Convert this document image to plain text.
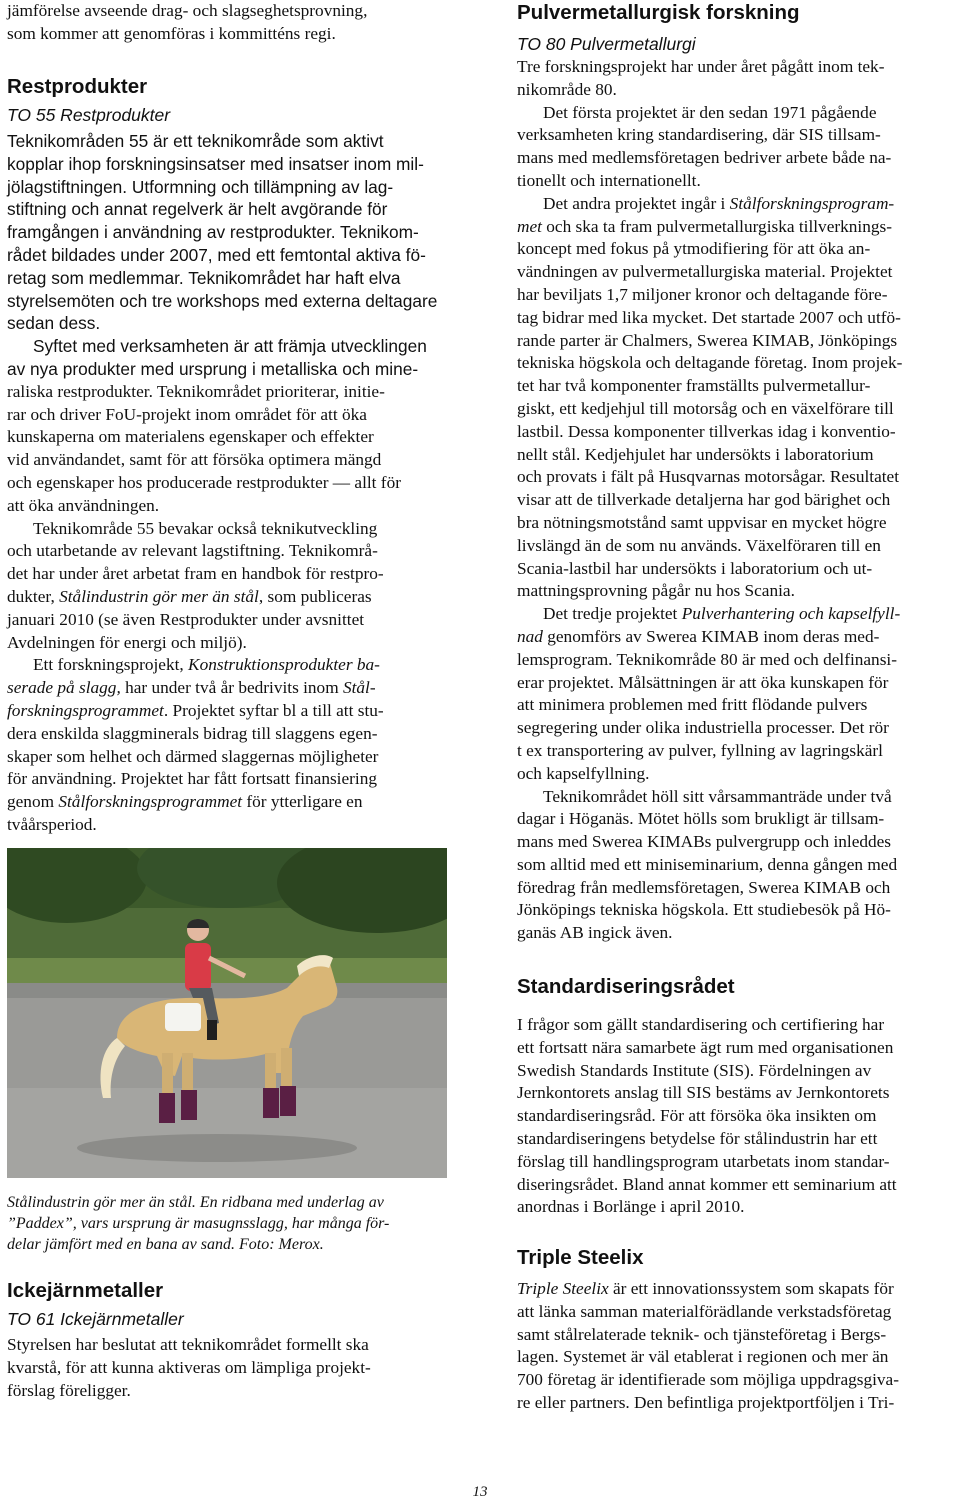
jämförelse avseende drag- och slagseghetsprovning,

som kommer att genomföras i kommitténs regi.

Restprodukter
TO 55 Restprodukter

Teknikområden 55 är ett teknikområde som aktivt

kopplar ihop forskningsinsatser med insatser inom mil-

jölagstiftningen. Utformning och tillämpning av lag-

stiftning och annat regelverk är helt avgörande för

framgången i användning av restprodukter. Teknikom-

rådet bildades under 2007, med ett femtontal aktiva fö-

retag som medlemmar. Teknikområdet har haft elva

styrelsemöten och tre workshops med externa deltagare

sedan dess.

Syftet med verksamheten är att främja utvecklingen

av nya produkter med ursprung i metalliska och mine-

raliska restprodukter. Teknikområdet prioriterar, initie-

rar och driver FoU-projekt inom området för att öka

kunskaperna om materialens egenskaper och effekter

vid användandet, samt för att försöka optimera mängd

och egenskaper hos producerade restprodukter — allt för

att öka användningen.

Teknikområde 55 bevakar också teknikutveckling

och utarbetande av relevant lagstiftning. Teknikområ-

det har under året arbetat fram en handbok för restpro-

dukter, Stålindustrin gör mer än stål, som publiceras

januari 2010 (se även Restprodukter under avsnittet

Avdelningen för energi och miljö).

Ett forskningsprojekt, Konstruktionsprodukter ba-

serade på slagg, har under två år bedrivits inom Stål-

forskningsprogrammet. Projektet syftar bl a till att stu-

dera enskilda slaggminerals bidrag till slaggens egen-

skaper som helhet och därmed slaggernas möjligheter

för användning. Projektet har fått fortsatt finansiering

genom Stålforskningsprogrammet för ytterligare en

tvåårsperiod.

Stålindustrin gör mer än stål. En ridbana med underlag av
”Paddex”, vars ursprung är masugnsslagg, har många för-
delar jämfört med en bana av sand. Foto: Merox.
Ickejärnmetaller
TO 61 Ickejärnmetaller

Styrelsen har beslutat att teknikområdet formellt ska

kvarstå, för att kunna aktiveras om lämpliga projekt-

förslag föreligger.

Pulvermetallurgisk forskning
TO 80 Pulvermetallurgi

Tre forskningsprojekt har under året pågått inom tek-

nikområde 80.

Det första projektet är den sedan 1971 pågående

verksamheten kring standardisering, där SIS tillsam-

mans med medlemsföretagen bedriver arbete både na-

tionellt och internationellt.

Det andra projektet ingår i Stålforskningsprogram-

met och ska ta fram pulvermetallurgiska tillverknings-

koncept med fokus på ytmodifiering för att öka an-

vändningen av pulvermetallurgiska material. Projektet

har beviljats 1,7 miljoner kronor och deltagande före-

tag bidrar med lika mycket. Det startade 2007 och utfö-

rande parter är Chalmers, Swerea KIMAB, Jönköpings

tekniska högskola och deltagande företag. Inom projek-

tet har två komponenter framställts pulvermetallur-

giskt, ett kedjehjul till motorsåg och en växelförare till

lastbil. Dessa komponenter tillverkas idag i konventio-

nellt stål. Kedjehjulet har undersökts i laboratorium

och provats i fält på Husqvarnas motorsågar. Resultatet

visar att de tillverkade detaljerna har god bärighet och

bra nötningsmotstånd samt uppvisar en mycket högre

livslängd än de som nu används. Växelföraren till en

Scania-lastbil har undersökts i laboratorium och ut-

mattningsprovning pågår nu hos Scania.

Det tredje projektet Pulverhantering och kapselfyll-

nad genomförs av Swerea KIMAB inom deras med-

lemsprogram. Teknikområde 80 är med och delfinansi-

erar projektet. Målsättningen är att öka kunskapen för

att minimera problemen med fritt flödande pulvers

segregering under olika industriella processer. Det rör

t ex transportering av pulver, fyllning av lagringskärl

och kapselfyllning.

Teknikområdet höll sitt vårsammanträde under två

dagar i Höganäs. Mötet hölls som brukligt är tillsam-

mans med Swerea KIMABs pulvergrupp och inleddes

som alltid med ett miniseminarium, denna gången med

föredrag från medlemsföretagen, Swerea KIMAB och

Jönköpings tekniska högskola. Ett studiebesök på Hö-

ganäs AB ingick även.

Standardiseringsrådet

I frågor som gällt standardisering och certifiering har

ett fortsatt nära samarbete ägt rum med organisationen

Swedish Standards Institute (SIS). Fördelningen av

Jernkontorets anslag till SIS bestäms av Jernkontorets

standardiseringsråd. För att försöka öka insikten om

standardiseringens betydelse för stålindustrin har ett

förslag till handlingsprogram utarbetats inom standar-

diseringsrådet. Bland annat kommer ett seminarium att

anordnas i Borlänge i april 2010.

Triple Steelix

Triple Steelix är ett innovationssystem som skapats för

att länka samman materialförädlande verkstadsföretag

samt stålrelaterade teknik- och tjänsteföretag i Bergs-

lagen. Systemet är väl etablerat i regionen och mer än

700 företag är identifierade som möjliga uppdragsgiva-

re eller partners. Den befintliga projektportföljen i Tri-

13
